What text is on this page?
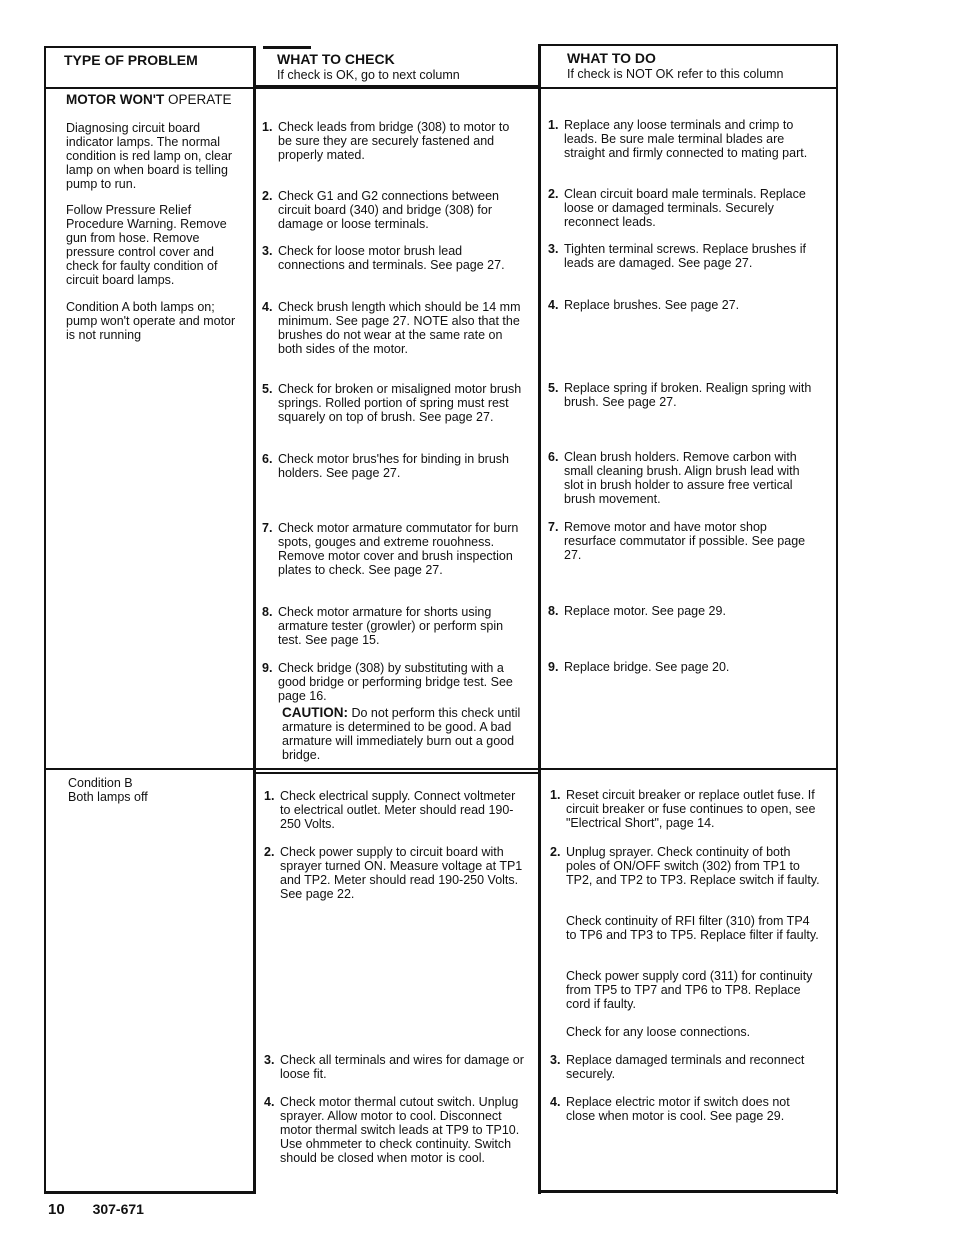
TYPE OF PROBLEM	WHAT TO CHECK
If check is OK, go to next column
WHAT TO DO
If check is NOT OK refer to this column
MOTOR WON'T OPERATE
Diagnosing circuit board indicator lamps. The normal condition is red lamp on, clear lamp on when board is telling pump to run.
Follow Pressure Relief Procedure Warning. Remove gun from hose. Remove pressure control cover and check for faulty condition of circuit board lamps.
Condition A both lamps on; pump won't operate and motor is not running
1. Check leads from bridge (308) to motor to be sure they are securely fastened and properly mated.
2. Check G1 and G2 connections between circuit board (340) and bridge (308) for damage or loose terminals.
3. Check for loose motor brush lead connections and terminals. See page 27.
4. Check brush length which should be 14 mm minimum. See page 27. NOTE also that the brushes do not wear at the same rate on both sides of the motor.
5. Check for broken or misaligned motor brush springs. Rolled portion of spring must rest squarely on top of brush. See page 27.
6. Check motor brus'hes for binding in brush holders. See page 27.
7. Check motor armature commutator for burn spots, gouges and extreme rouohness. Remove motor cover and brush inspection plates to check. See page 27.
8. Check motor armature for shorts using armature tester (growler) or perform spin test. See page 15.
9. Check bridge (308) by substituting with a good bridge or performing bridge test. See page 16.
CAUTION: Do not perform this check until armature is determined to be good. A bad armature will immediately burn out a good bridge.
1. Replace any loose terminals and crimp to leads. Be sure male terminal blades are straight and firmly connected to mating part.
2. Clean circuit board male terminals. Replace loose or damaged terminals. Securely reconnect leads.
3. Tighten terminal screws. Replace brushes if leads are damaged. See page 27.
4. Replace brushes. See page 27.
5. Replace spring if broken. Realign spring with brush. See page 27.
6. Clean brush holders. Remove carbon with small cleaning brush. Align brush lead with slot in brush holder to assure free vertical brush movement.
7. Remove motor and have motor shop resurface commutator if possible. See page 27.
8. Replace motor. See page 29.
9. Replace bridge. See page 20.
Condition B
Both lamps off	1. Check electrical supply. Connect voltmeter to electrical outlet. Meter should read 190-250 Volts.
2. Check power supply to circuit board with sprayer turned ON. Measure voltage at TP1 and TP2. Meter should read 190-250 Volts. See page 22.
3. Check all terminals and wires for damage or loose fit.
4. Check motor thermal cutout switch. Unplug sprayer. Allow motor to cool. Disconnect motor thermal switch leads at TP9 to TP10. Use ohmmeter to check continuity. Switch should be closed when motor is cool.
1. Reset circuit breaker or replace outlet fuse. If circuit breaker or fuse continues to open, see "Electrical Short", page 14.
2. Unplug sprayer. Check continuity of both poles of ON/OFF switch (302) from TP1 to TP2, and TP2 to TP3. Replace switch if faulty.
Check continuity of RFI filter (310) from TP4 to TP6 and TP3 to TP5. Replace filter if faulty.
Check power supply cord (311) for continuity from TP5 to TP7 and TP6 to TP8. Replace cord if faulty.
Check for any loose connections.
3. Replace damaged terminals and reconnect securely.
4. Replace electric motor if switch does not close when motor is cool. See page 29.
10 307-671
